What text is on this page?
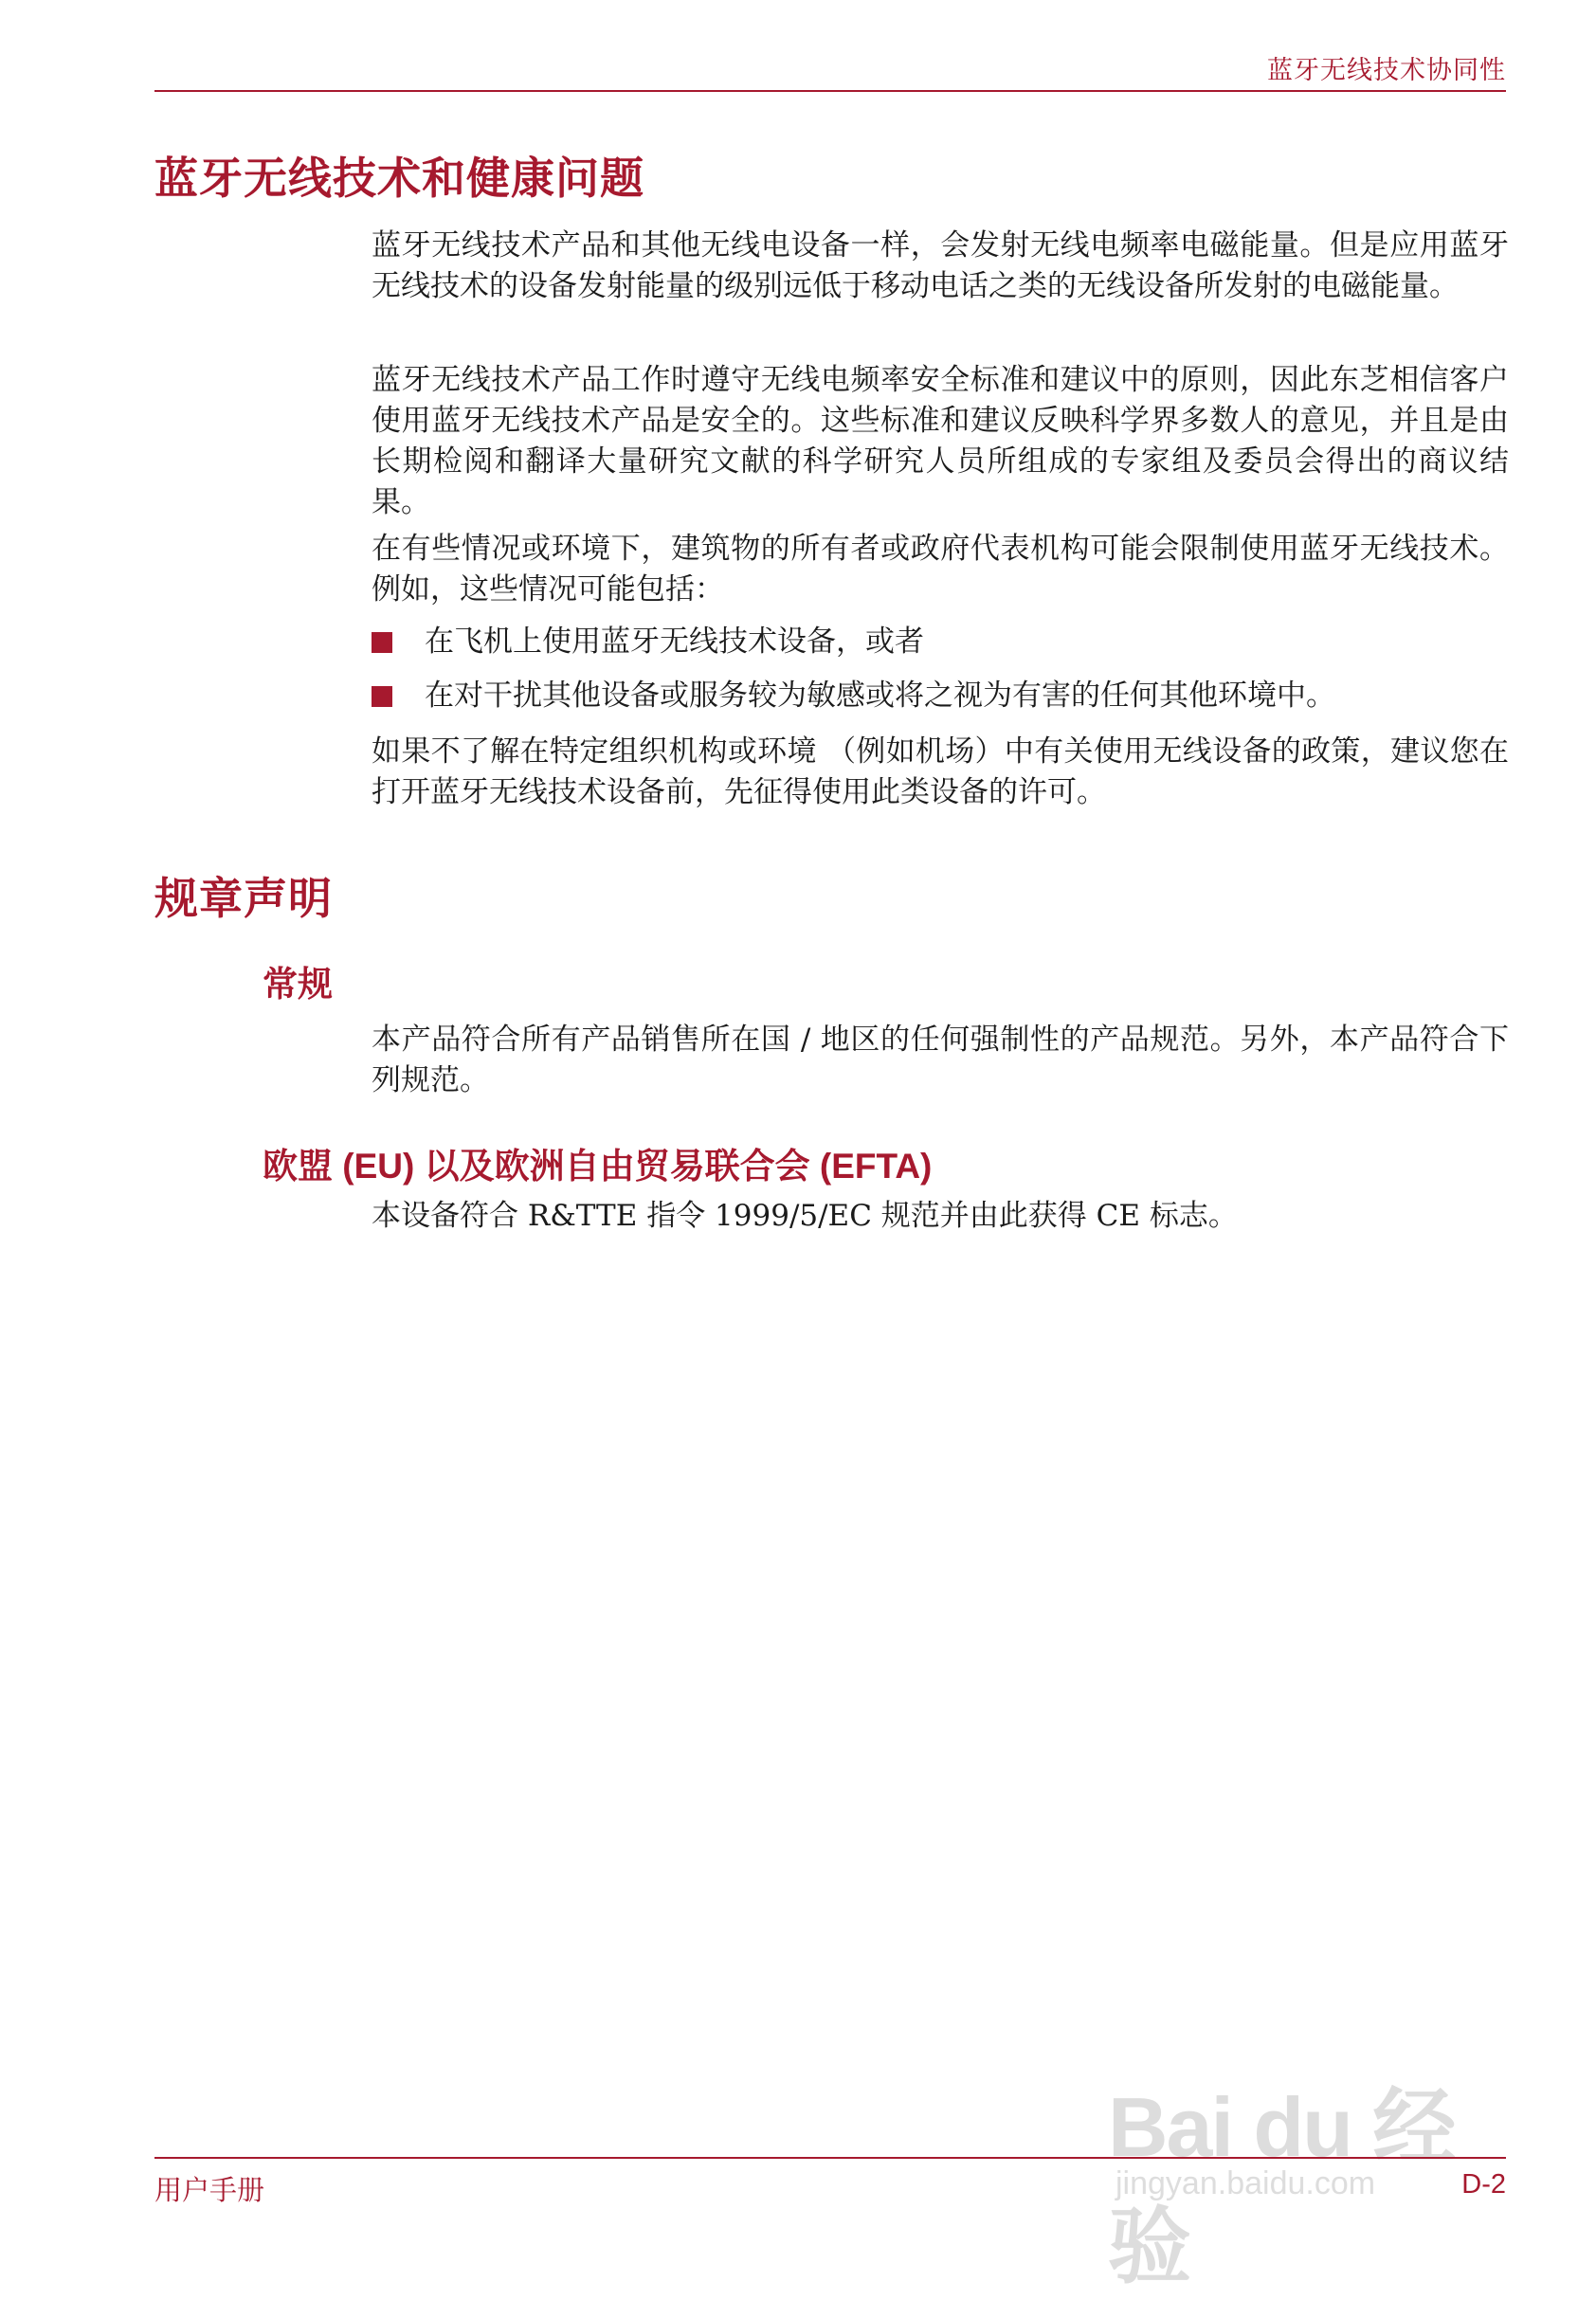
蓝牙无线技术协同性
蓝牙无线技术和健康问题

蓝牙无线技术产品和其他无线电设备一样，会发射无线电频率电磁能量。但是应用蓝牙无线技术的设备发射能量的级别远低于移动电话之类的无线设备所发射的电磁能量。

蓝牙无线技术产品工作时遵守无线电频率安全标准和建议中的原则，因此东芝相信客户使用蓝牙无线技术产品是安全的。这些标准和建议反映科学界多数人的意见，并且是由长期检阅和翻译大量研究文献的科学研究人员所组成的专家组及委员会得出的商议结果。

在有些情况或环境下，建筑物的所有者或政府代表机构可能会限制使用蓝牙无线技术。例如，这些情况可能包括：

在飞机上使用蓝牙无线技术设备，或者
在对干扰其他设备或服务较为敏感或将之视为有害的任何其他环境中。

如果不了解在特定组织机构或环境 （例如机场）中有关使用无线设备的政策，建议您在打开蓝牙无线技术设备前，先征得使用此类设备的许可。

规章声明
常规

本产品符合所有产品销售所在国 / 地区的任何强制性的产品规范。另外，本产品符合下列规范。

欧盟 (EU) 以及欧洲自由贸易联合会 (EFTA)

本设备符合 R&TTE 指令 1999/5/EC 规范并由此获得 CE 标志。

Bai du 经验
jingyan.baidu.com
用户手册	D-2
